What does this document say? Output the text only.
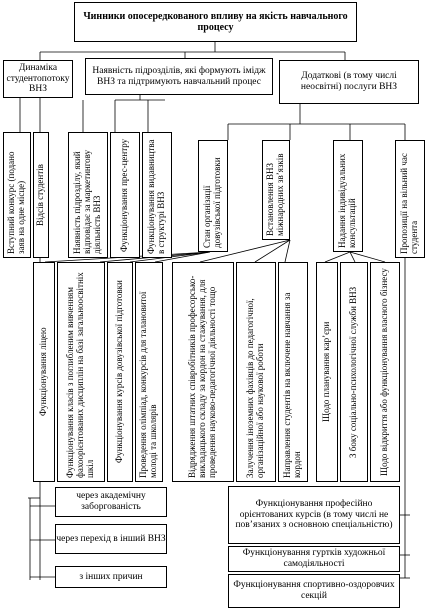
Чинники опосередкованого впливу на якість навчального процесу
Динаміка студентопотоку ВНЗ
Наявність підрозділів, які формують імідж ВНЗ та підтримують навчальний процес
Додаткові (в тому числі неосвітні) послуги ВНЗ
Вступний конкурс (подано заяв на одне місце) Відсів студентів	Наявність підрозділу, який відповідає за маркетингову діяльність ВНЗ Функціонування прес-центру Функціонування видавництва в структурі ВНЗ	Стан організації довузівської підготовки	Встановлення ВНЗ міжнародних зв’язків	Надання індивідуальних консультацій	Пропозиції на вільний час студента
Функціонування ліцею Функціонування класів з поглибленим вивченням фахоорієнтованих дисциплін на базі загальноосвітніх шкіл
Функціонування курсів довузівської підготовки Проведення олімпіад, конкурсів для талановитої молоді та школярів	Відрядження штатних співробітників професорсько-викладацького складу за кордон на стажування, для проведення науково-педагогічної діяльності тощо	Залучення іноземних фахівців до педагогічної, організаційної або наукової роботи Направлення студентів на включене навчання за кордон
Щодо планування кар’єри З боку соціально-психологічної служби ВНЗ Щодо відкриття або функціонування власного бізнесу
через академічну заборгованість
через перехід в інший ВНЗ
з інших причин
Функціонування професійно орієнтованих курсів (в тому числі не пов’язаних з основною спеціальністю)
Функціонування гуртків художньої самодіяльності
Функціонування спортивно-оздоровчих секцій
